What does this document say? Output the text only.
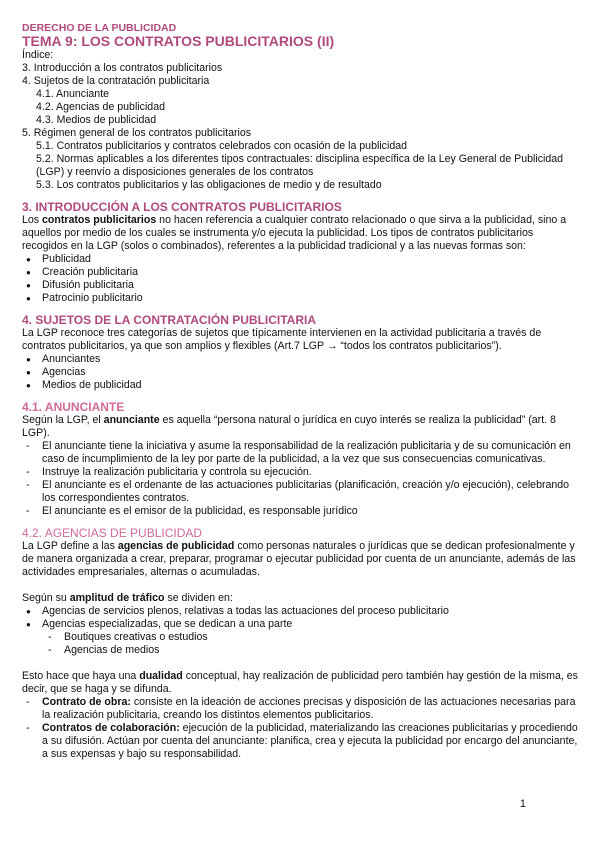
DERECHO DE LA PUBLICIDAD
TEMA 9: LOS CONTRATOS PUBLICITARIOS (II)
Índice:
3. Introducción a los contratos publicitarios
4. Sujetos de la contratación publicitaria
4.1. Anunciante
4.2. Agencias de publicidad
4.3. Medios de publicidad
5. Régimen general de los contratos publicitarios
5.1. Contratos publicitarios y contratos celebrados con ocasión de la publicidad
5.2. Normas aplicables a los diferentes tipos contractuales: disciplina específica de la Ley General de Publicidad (LGP) y reenvío a disposiciones generales de los contratos
5.3. Los contratos publicitarios y las obligaciones de medio y de resultado
3. INTRODUCCIÓN A LOS CONTRATOS PUBLICITARIOS

Los contratos publicitarios no hacen referencia a cualquier contrato relacionado o que sirva a la publicidad, sino a aquellos por medio de los cuales se instrumenta y/o ejecuta la publicidad. Los tipos de contratos publicitarios recogidos en la LGP (solos o combinados), referentes a la publicidad tradicional y a las nuevas formas son:

● Publicidad
● Creación publicitaria
● Difusión publicitaria
● Patrocinio publicitario
4. SUJETOS DE LA CONTRATACIÓN PUBLICITARIA

La LGP reconoce tres categorías de sujetos que típicamente intervienen en la actividad publicitaria a través de contratos publicitarios, ya que son amplios y flexibles (Art.7 LGP → “todos los contratos publicitarios”).

● Anunciantes
● Agencias
● Medios de publicidad
4.1. ANUNCIANTE

Según la LGP, el anunciante es aquella “persona natural o jurídica en cuyo interés se realiza la publicidad” (art. 8 LGP).

- El anunciante tiene la iniciativa y asume la responsabilidad de la realización publicitaria y de su comunicación en caso de incumplimiento de la ley por parte de la publicidad, a la vez que sus consecuencias comunicativas.
- Instruye la realización publicitaria y controla su ejecución.
- El anunciante es el ordenante de las actuaciones publicitarias (planificación, creación y/o ejecución), celebrando los correspondientes contratos.
- El anunciante es el emisor de la publicidad, es responsable jurídico
4.2. AGENCIAS DE PUBLICIDAD

La LGP define a las agencias de publicidad como personas naturales o jurídicas que se dedican profesionalmente y de manera organizada a crear, preparar, programar o ejecutar publicidad por cuenta de un anunciante, además de las actividades empresariales, alternas o acumuladas.

Según su amplitud de tráfico se dividen en:

● Agencias de servicios plenos, relativas a todas las actuaciones del proceso publicitario
● Agencias especializadas, que se dedican a una parte
- Boutiques creativas o estudios
- Agencias de medios

Esto hace que haya una dualidad conceptual, hay realización de publicidad pero también hay gestión de la misma, es decir, que se haga y se difunda.

- Contrato de obra: consiste en la ideación de acciones precisas y disposición de las actuaciones necesarias para la realización publicitaria, creando los distintos elementos publicitarios.
- Contratos de colaboración: ejecución de la publicidad, materializando las creaciones publicitarias y procediendo a su difusión. Actúan por cuenta del anunciante: planifica, crea y ejecuta la publicidad por encargo del anunciante, a sus expensas y bajo su responsabilidad.
1
